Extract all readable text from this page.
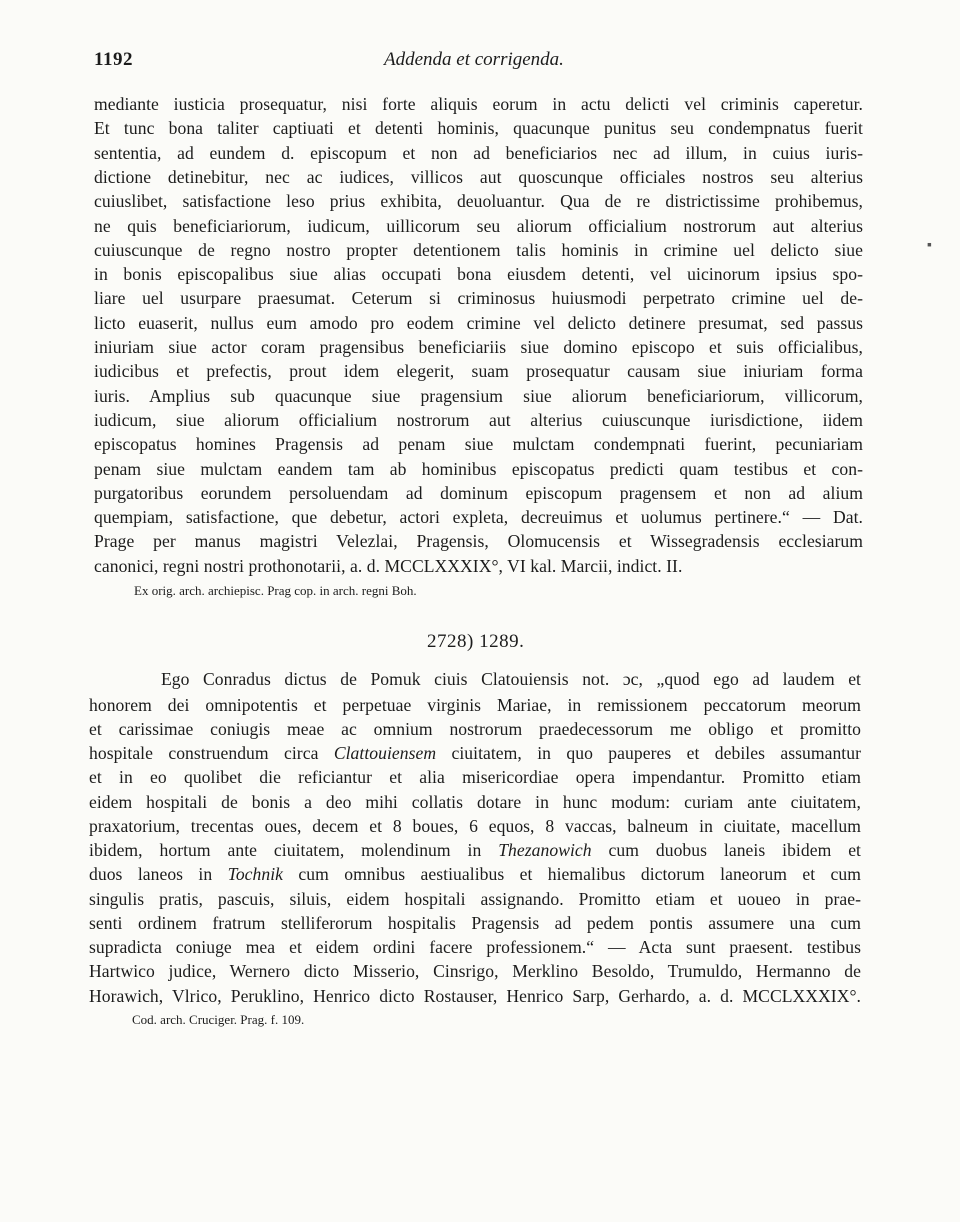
1192	Addenda et corrigenda.
mediante iusticia prosequatur, nisi forte aliquis eorum in actu delicti vel criminis caperetur.
Et tunc bona taliter captiuati et detenti hominis, quacunque punitus seu condempnatus fuerit
sententia, ad eundem d. episcopum et non ad beneficiarios nec ad illum, in cuius iuris-
dictione detinebitur, nec ac iudices, villicos aut quoscunque officiales nostros seu alterius
cuiuslibet, satisfactione leso prius exhibita, deuoluantur. Qua de re districtissime prohibemus,
ne quis beneficiariorum, iudicum, uillicorum seu aliorum officialium nostrorum aut alterius
cuiuscunque de regno nostro propter detentionem talis hominis in crimine uel delicto siue
in bonis episcopalibus siue alias occupati bona eiusdem detenti, vel uicinorum ipsius spo-
liare uel usurpare praesumat. Ceterum si criminosus huiusmodi perpetrato crimine uel de-
licto euaserit, nullus eum amodo pro eodem crimine vel delicto detinere presumat, sed passus
iniuriam siue actor coram pragensibus beneficiariis siue domino episcopo et suis officialibus,
iudicibus et prefectis, prout idem elegerit, suam prosequatur causam siue iniuriam forma
iuris. Amplius sub quacunque siue pragensium siue aliorum beneficiariorum, villicorum,
iudicum, siue aliorum officialium nostrorum aut alterius cuiuscunque iurisdictione, iidem
episcopatus homines Pragensis ad penam siue mulctam condempnati fuerint, pecuniariam
penam siue mulctam eandem tam ab hominibus episcopatus predicti quam testibus et con-
purgatoribus eorundem persoluendam ad dominum episcopum pragensem et non ad alium
quempiam, satisfactione, que debetur, actori expleta, decreuimus et uolumus pertinere.“ — Dat.
Prage per manus magistri Velezlai, Pragensis, Olomucensis et Wissegradensis ecclesiarum
canonici, regni nostri prothonotarii, a. d. MCCLXXXIX°, VI kal. Marcii, indict. II.
Ex orig. arch. archiepisc. Prag cop. in arch. regni Boh.
2728) 1289.
Ego Conradus dictus de Pomuk ciuis Clatouiensis not. ɔc, „quod ego ad laudem et
honorem dei omnipotentis et perpetuae virginis Mariae, in remissionem peccatorum meorum
et carissimae coniugis meae ac omnium nostrorum praedecessorum me obligo et promitto
hospitale construendum circa Clattouiensem ciuitatem, in quo pauperes et debiles assumantur
et in eo quolibet die reficiantur et alia misericordiae opera impendantur. Promitto etiam
eidem hospitali de bonis a deo mihi collatis dotare in hunc modum: curiam ante ciuitatem,
praxatorium, trecentas oues, decem et 8 boues, 6 equos, 8 vaccas, balneum in ciuitate, macellum
ibidem, hortum ante ciuitatem, molendinum in Thezanowich cum duobus laneis ibidem et
duos laneos in Tochnik cum omnibus aestiualibus et hiemalibus dictorum laneorum et cum
singulis pratis, pascuis, siluis, eidem hospitali assignando. Promitto etiam et uoueo in prae-
senti ordinem fratrum stelliferorum hospitalis Pragensis ad pedem pontis assumere una cum
supradicta coniuge mea et eidem ordini facere professionem.“ — Acta sunt praesent. testibus
Hartwico judice, Wernero dicto Misserio, Cinsrigo, Merklino Besoldo, Trumuldo, Hermanno de
Horawich, Vlrico, Peruklino, Henrico dicto Rostauser, Henrico Sarp, Gerhardo, a. d. MCCLXXXIX°.
Cod. arch. Cruciger. Prag. f. 109.
▪
